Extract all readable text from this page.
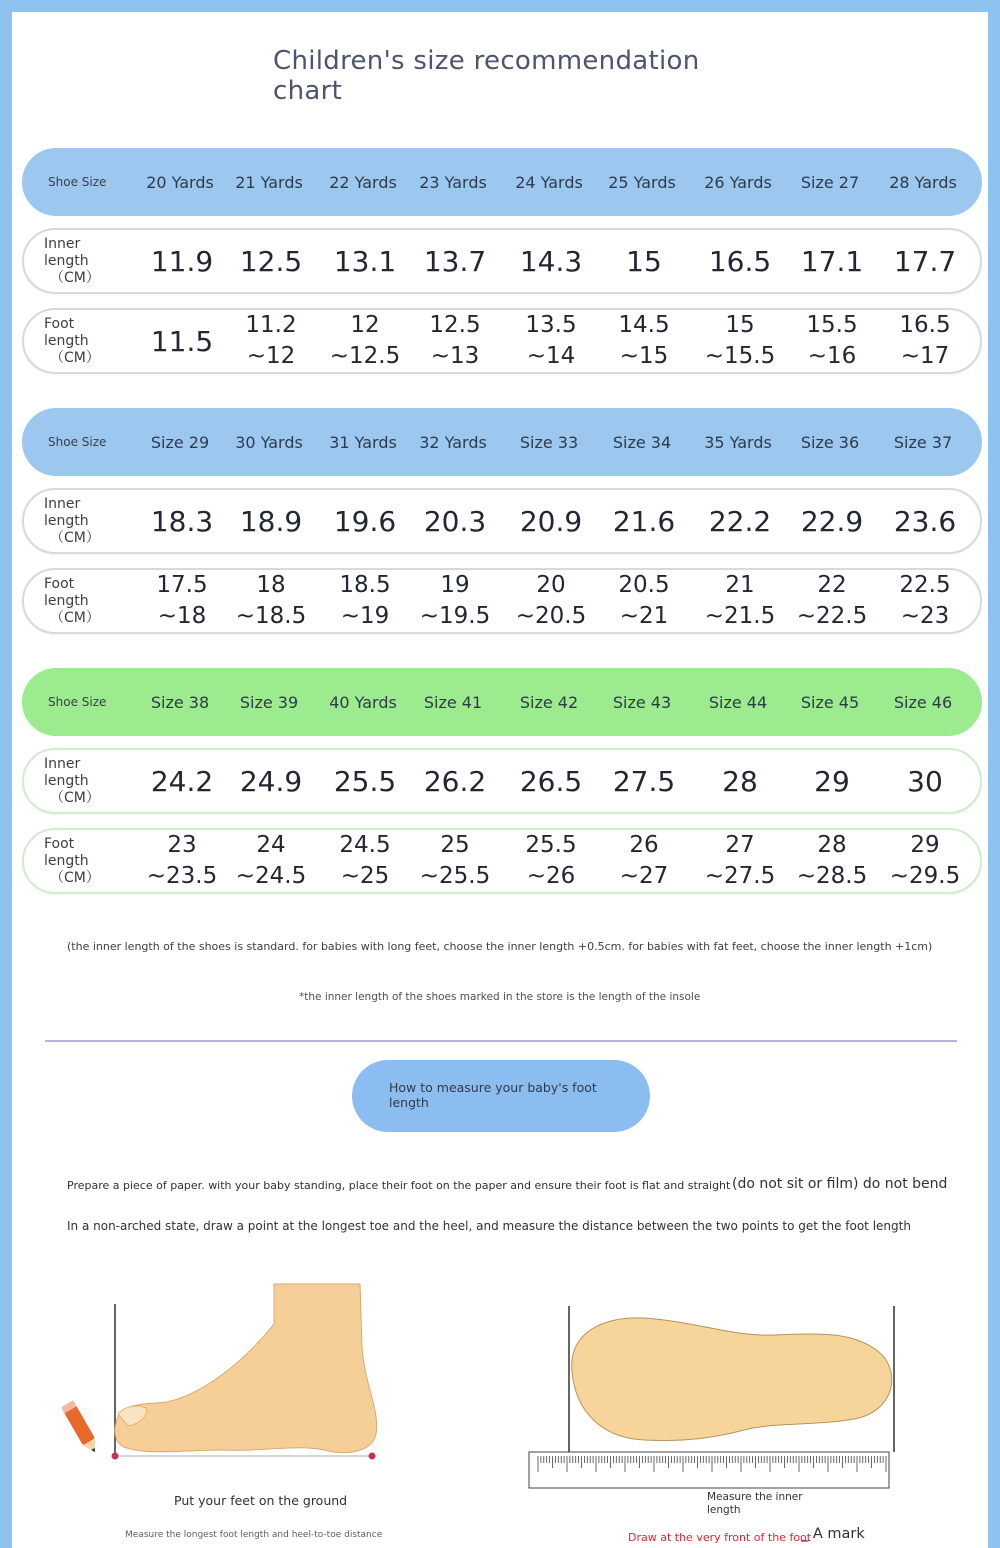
Children's size recommendation chart
Shoe Size 20 Yards 21 Yards 22 Yards 23 Yards 24 Yards 25 Yards 26 Yards Size 27 28 Yards
Inner
length
（CM） 11.9 12.5 13.1 13.7 14.3 15 16.5 17.1 17.7
Foot
length
（CM） 11.5 11.2
~12
12
~12.5
12.5
~13
13.5
~14
14.5
~15
15
~15.5
15.5
~16
16.5
~17
Shoe Size	Size 29 30 Yards 31 Yards 32 Yards Size 33 Size 34 35 Yards Size 36 Size 37
Inner
length
（CM） 18.3 18.9 19.6 20.3 20.9 21.6 22.2 22.9 23.6
Foot
length
（CM）
17.5
~18
18
~18.5
18.5
~19
19
~19.5
20
~20.5
20.5
~21
21
~21.5
22
~22.5
22.5
~23
Shoe Size	Size 38 Size 39 40 Yards Size 41 Size 42 Size 43 Size 44 Size 45 Size 46
Inner
length
（CM） 24.2 24.9 25.5 26.2 26.5 27.5 28 29 30
Foot
length
（CM）
23
~23.5
24
~24.5
24.5
~25
25
~25.5
25.5
~26
26
~27
27
~27.5
28
~28.5
29
~29.5
(the inner length of the shoes is standard. for babies with long feet, choose the inner length +0.5cm. for babies with fat feet, choose the inner length +1cm)
*the inner length of the shoes marked in the store is the length of the insole
How to measure your baby's foot length
Prepare a piece of paper. with your baby standing, place their foot on the paper and ensure their foot is flat and straight (do not sit or film) do not bend
In a non-arched state, draw a point at the longest toe and the heel, and measure the distance between the two points to get the foot length
Put your feet on the ground
Measure the longest foot length and heel-to-toe distance
Measure the inner length
Draw at the very front of the foot
_ A mark
